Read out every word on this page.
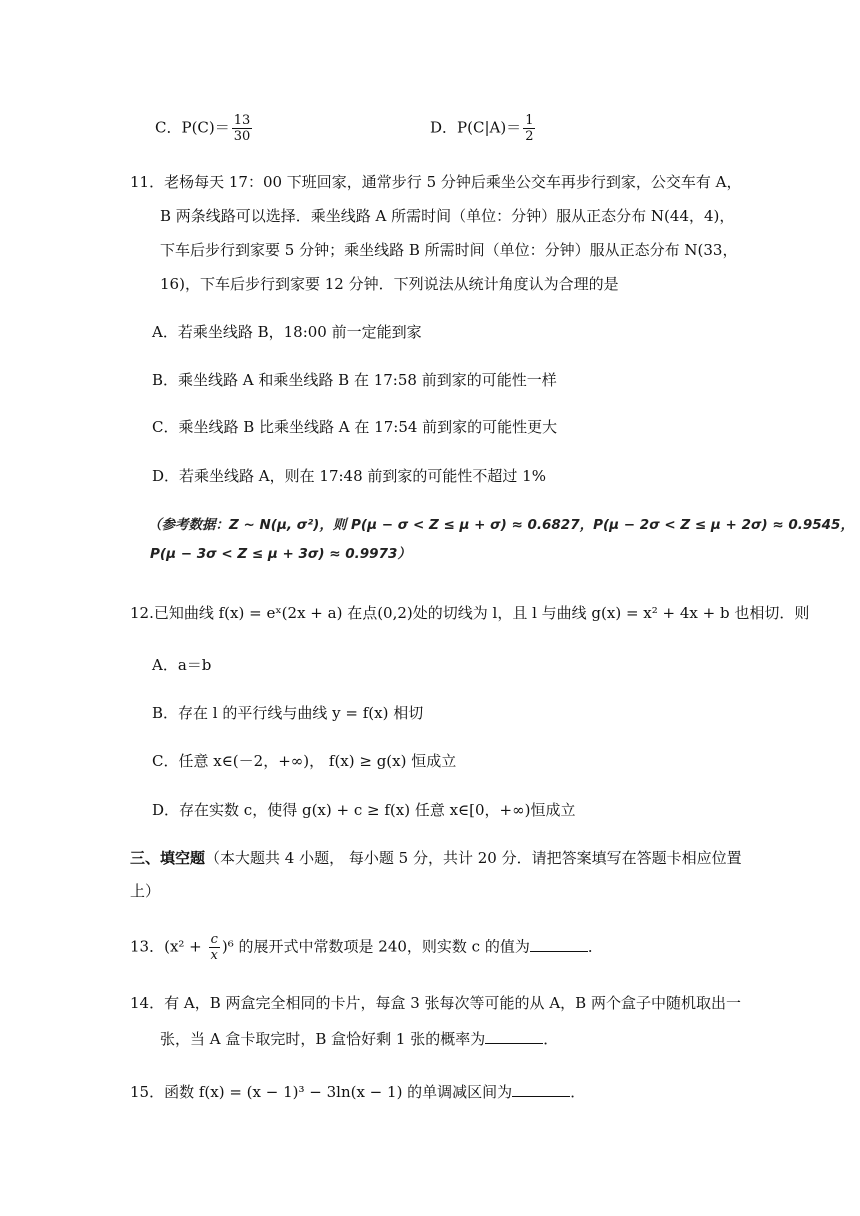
C．$P(C)= \frac{13}{30}$	D．$P(C|A)= \frac{1}{2}$
11．老杨每天 17：00 下班回家，通常步行 5 分钟后乘坐公交车再步行到家，公交车有 A，
B 两条线路可以选择．乘坐线路 A 所需时间（单位：分钟）服从正态分布 N(44，4)，
下车后步行到家要 5 分钟；乘坐线路 B 所需时间（单位：分钟）服从正态分布 N(33，
16)，下车后步行到家要 12 分钟．下列说法从统计角度认为合理的是
A．若乘坐线路 B，18:00 前一定能到家
B．乘坐线路 A 和乘坐线路 B 在 17:58 前到家的可能性一样
C．乘坐线路 B 比乘坐线路 A 在 17:54 前到家的可能性更大
D．若乘坐线路 A，则在 17:48 前到家的可能性不超过 1%
（参考数据：Z ~ N(μ, σ²)，则 P(μ − σ < Z ≤ μ + σ) ≈ 0.6827，P(μ − 2σ < Z ≤ μ + 2σ) ≈ 0.9545，
P(μ − 3σ < Z ≤ μ + 3σ) ≈ 0.9973）
12.已知曲线 f(x) = eˣ(2x + a) 在点(0,2)处的切线为 l，且 l 与曲线 g(x) = x² + 4x + b 也相切．则
A．a＝b
B．存在 l 的平行线与曲线 y = f(x) 相切
C．任意 x∈(－2，+∞)， f(x) ≥ g(x) 恒成立
D．存在实数 c，使得 g(x) + c ≥ f(x) 任意 x∈[0，+∞)恒成立
三、填空题（本大题共 4 小题， 每小题 5 分，共计 20 分．请把答案填写在答题卡相应位置
上）
13．$(x^2 + \frac{c}{x} )^6$ 的展开式中常数项是 240，则实数 c 的值为	．
14．有 A，B 两盒完全相同的卡片，每盒 3 张每次等可能的从 A，B 两个盒子中随机取出一
张，当 A 盒卡取完时，B 盒恰好剩 1 张的概率为	．
15．函数 f(x) = (x − 1)³ − 3ln(x − 1) 的单调减区间为	．
